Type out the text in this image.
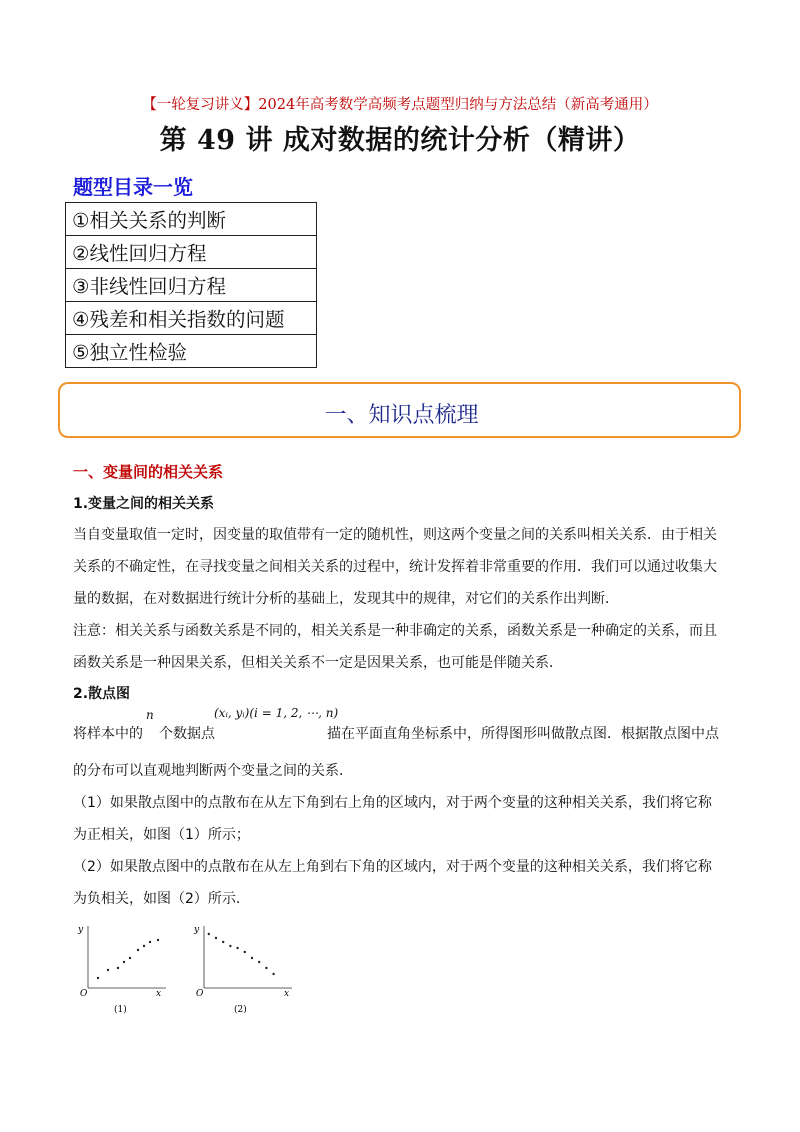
【一轮复习讲义】2024年高考数学高频考点题型归纳与方法总结（新高考通用）
第 49 讲 成对数据的统计分析（精讲）
题型目录一览
①相关关系的判断
②线性回归方程
③非线性回归方程
④残差和相关指数的问题
⑤独立性检验
一、知识点梳理
一、变量间的相关关系
1.变量之间的相关关系
当自变量取值一定时，因变量的取值带有一定的随机性，则这两个变量之间的关系叫相关关系．由于相关
关系的不确定性，在寻找变量之间相关关系的过程中，统计发挥着非常重要的作用．我们可以通过收集大
量的数据，在对数据进行统计分析的基础上，发现其中的规律，对它们的关系作出判断．
注意：相关关系与函数关系是不同的，相关关系是一种非确定的关系，函数关系是一种确定的关系，而且
函数关系是一种因果关系，但相关关系不一定是因果关系，也可能是伴随关系．
2.散点图
将样本中的
n
个数据点
(xᵢ, yᵢ)(i = 1, 2, ⋯, n)
描在平面直角坐标系中，所得图形叫做散点图．根据散点图中点
的分布可以直观地判断两个变量之间的关系．
（1）如果散点图中的点散布在从左下角到右上角的区域内，对于两个变量的这种相关关系，我们将它称
为正相关，如图（1）所示；
（2）如果散点图中的点散布在从左上角到右下角的区域内，对于两个变量的这种相关关系，我们将它称
为负相关，如图（2）所示．
y
x
O
(1)
y
x
O
(2)
